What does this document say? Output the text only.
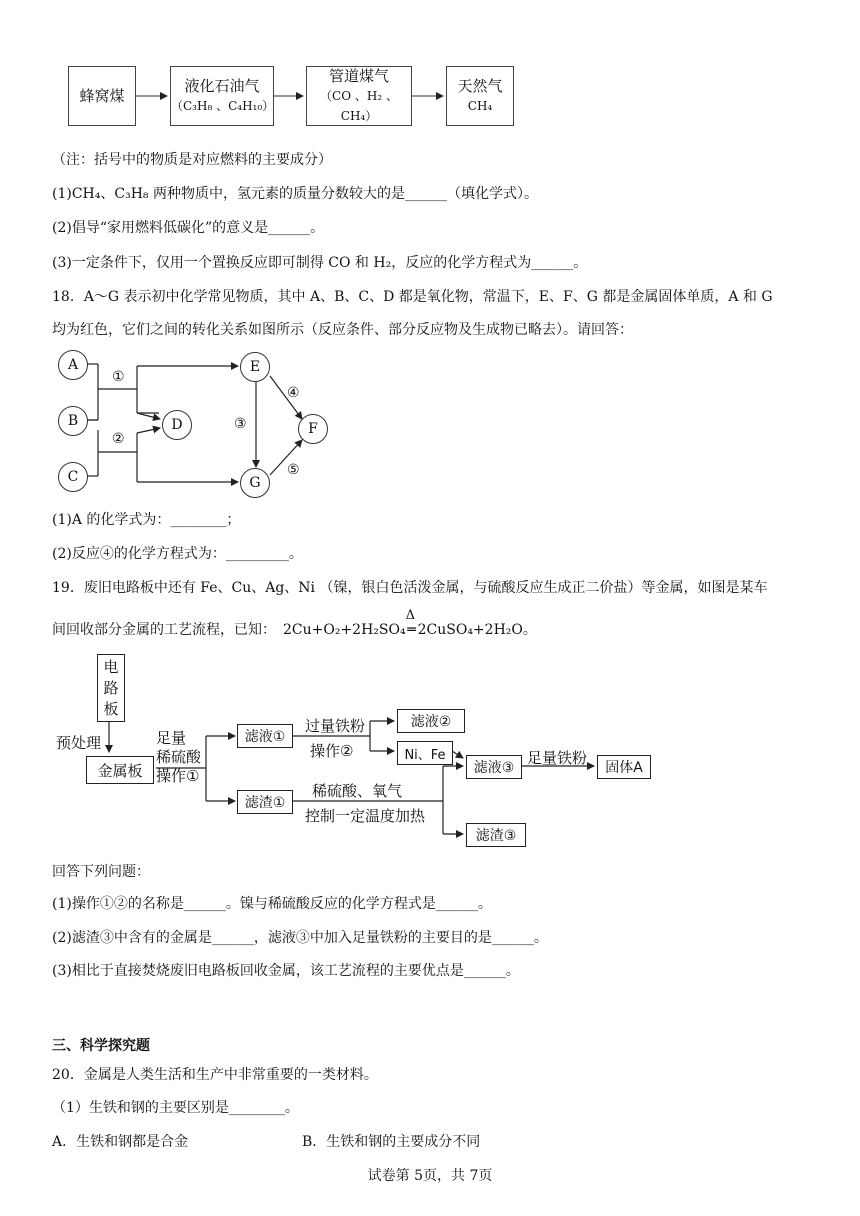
蜂窝煤
液化石油气
（C₃H₈ 、C₄H₁₀）
管道煤气
（CO 、H₂ 、CH₄）
天然气
CH₄
（注：括号中的物质是对应燃料的主要成分）
(1)CH₄、C₃H₈ 两种物质中，氢元素的质量分数较大的是______（填化学式）。
(2)倡导“家用燃料低碳化”的意义是______。
(3)一定条件下，仅用一个置换反应即可制得 CO 和 H₂，反应的化学方程式为______。
18．A～G 表示初中化学常见物质，其中 A、B、C、D 都是氧化物，常温下，E、F、G 都是金属固体单质，A 和 G
均为红色，它们之间的转化关系如图所示（反应条件、部分反应物及生成物已略去）。请回答：
A
B
C
D
E
F
G
①
②
③
④
⑤
(1)A 的化学式为：________；
(2)反应④的化学方程式为：_________。
19．废旧电路板中还有 Fe、Cu、Ag、Ni （镍，银白色活泼金属，与硫酸反应生成正二价盐）等金属，如图是某车
间回收部分金属的工艺流程，已知：　2Cu+O₂+2H₂SO₄
Δ
═ 2CuSO₄+2H₂O。
电
路
板
预处理
金属板
足量
稀硫酸
操作①
滤液①
过量铁粉
操作②
滤液②
Ni、Fe
滤渣①
稀硫酸、氧气
控制一定温度加热
滤液③
足量铁粉
固体A
滤渣③
回答下列问题：
(1)操作①②的名称是______。镍与稀硫酸反应的化学方程式是______。
(2)滤渣③中含有的金属是______，滤液③中加入足量铁粉的主要目的是______。
(3)相比于直接焚烧废旧电路板回收金属，该工艺流程的主要优点是______。
三、科学探究题
20．金属是人类生活和生产中非常重要的一类材料。
（1）生铁和钢的主要区别是________。
A．生铁和钢都是合金	B．生铁和钢的主要成分不同
试卷第 5页，共 7页
